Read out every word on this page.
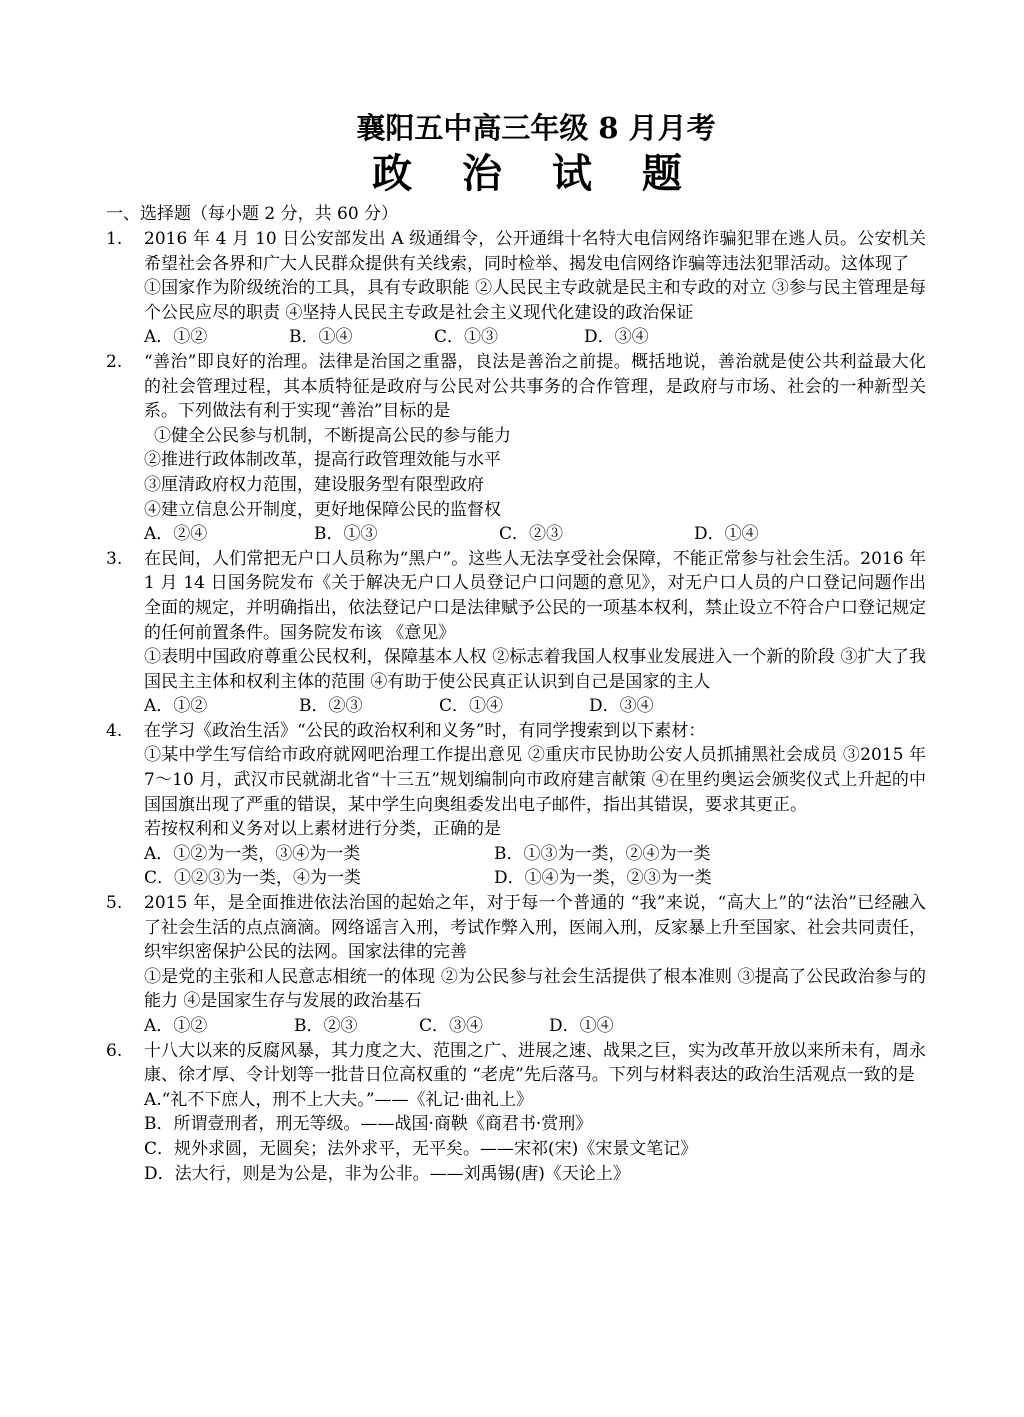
襄阳五中高三年级 8 月月考
政 治 试 题
一、选择题（每小题 2 分，共 60 分）
1.	2016 年 4 月 10 日公安部发出 A 级通缉令，公开通缉十名特大电信网络诈骗犯罪在逃人员。公安机关希望社会各界和广大人民群众提供有关线索，同时检举、揭发电信网络诈骗等违法犯罪活动。这体现了

①国家作为阶级统治的工具，具有专政职能 ②人民民主专政就是民主和专政的对立 ③参与民主管理是每个公民应尽的职责 ④坚持人民民主专政是社会主义现代化建设的政治保证

A．①②	B．①④	C．①③	D．③④
2.	“善治”即良好的治理。法律是治国之重器，良法是善治之前提。概括地说，善治就是使公共利益最大化的社会管理过程，其本质特征是政府与公民对公共事务的合作管理，是政府与市场、社会的一种新型关系。下列做法有利于实现“善治”目标的是

①健全公民参与机制，不断提高公民的参与能力

②推进行政体制改革，提高行政管理效能与水平

③厘清政府权力范围，建设服务型有限型政府

④建立信息公开制度，更好地保障公民的监督权

A．②④	B．①③	C．②③	D．①④
3.	在民间，人们常把无户口人员称为“黑户”。这些人无法享受社会保障，不能正常参与社会生活。2016 年 1 月 14 日国务院发布《关于解决无户口人员登记户口问题的意见》，对无户口人员的户口登记问题作出全面的规定，并明确指出，依法登记户口是法律赋予公民的一项基本权利，禁止设立不符合户口登记规定的任何前置条件。国务院发布该 《意见》

①表明中国政府尊重公民权利，保障基本人权 ②标志着我国人权事业发展进入一个新的阶段 ③扩大了我国民主主体和权利主体的范围 ④有助于使公民真正认识到自己是国家的主人

A．①②	B．②③	C．①④	D．③④
4.	在学习《政治生活》“公民的政治权利和义务”时，有同学搜索到以下素材：

①某中学生写信给市政府就网吧治理工作提出意见 ②重庆市民协助公安人员抓捕黑社会成员 ③2015 年 7～10 月，武汉市民就湖北省“十三五”规划编制向市政府建言献策 ④在里约奥运会颁奖仪式上升起的中国国旗出现了严重的错误，某中学生向奥组委发出电子邮件，指出其错误，要求其更正。

若按权利和义务对以上素材进行分类，正确的是

A．①②为一类，③④为一类	B．①③为一类，②④为一类
C．①②③为一类，④为一类	D．①④为一类，②③为一类
5.	2015 年，是全面推进依法治国的起始之年，对于每一个普通的 “我”来说，“高大上”的“法治”已经融入了社会生活的点点滴滴。网络谣言入刑，考试作弊入刑，医闹入刑，反家暴上升至国家、社会共同责任，织牢织密保护公民的法网。国家法律的完善

①是党的主张和人民意志相统一的体现 ②为公民参与社会生活提供了根本准则 ③提高了公民政治参与的能力 ④是国家生存与发展的政治基石

A．①②	B．②③	C．③④	D．①④
6.	十八大以来的反腐风暴，其力度之大、范围之广、进展之速、战果之巨，实为改革开放以来所未有，周永康、徐才厚、令计划等一批昔日位高权重的 “老虎”先后落马。下列与材料表达的政治生活观点一致的是

A.“礼不下庶人，刑不上大夫。”——《礼记·曲礼上》

B．所谓壹刑者，刑无等级。——战国·商鞅《商君书·赏刑》

C．规外求圆，无圆矣；法外求平，无平矣。——宋祁(宋)《宋景文笔记》

D．法大行，则是为公是，非为公非。——刘禹锡(唐)《天论上》
